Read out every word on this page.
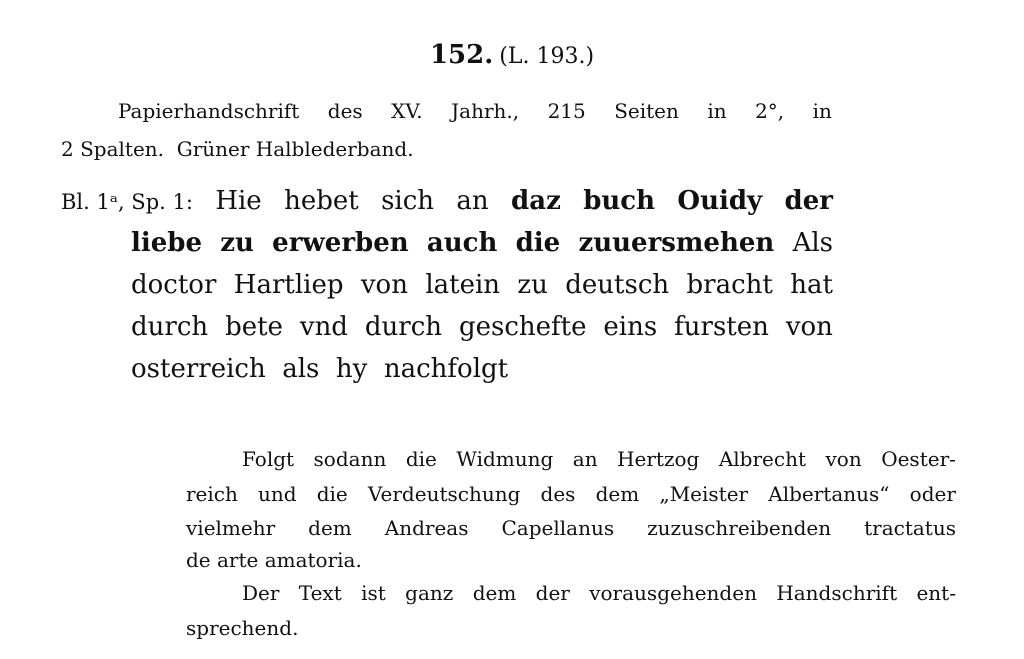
152. (L. 193.)
Papierhandschrift des XV. Jahrh., 215 Seiten in 2°, in
2 Spalten.  Grüner Halblederband.
Bl. 1ᵃ, Sp. 1: Hie hebet sich an daz buch Ouidy der
liebe zu erwerben auch die zuuersmehen Als
doctor Hartliep von latein zu deutsch bracht hat
durch bete vnd durch geschefte eins fursten von
osterreich  als  hy  nachfolgt
Folgt sodann die Widmung an Hertzog Albrecht von Oester-
reich und die Verdeutschung des dem „Meister Albertanus“ oder
vielmehr dem Andreas Capellanus zuzuschreibenden tractatus
de arte amatoria.
Der Text ist ganz dem der vorausgehenden Handschrift ent-
sprechend.
